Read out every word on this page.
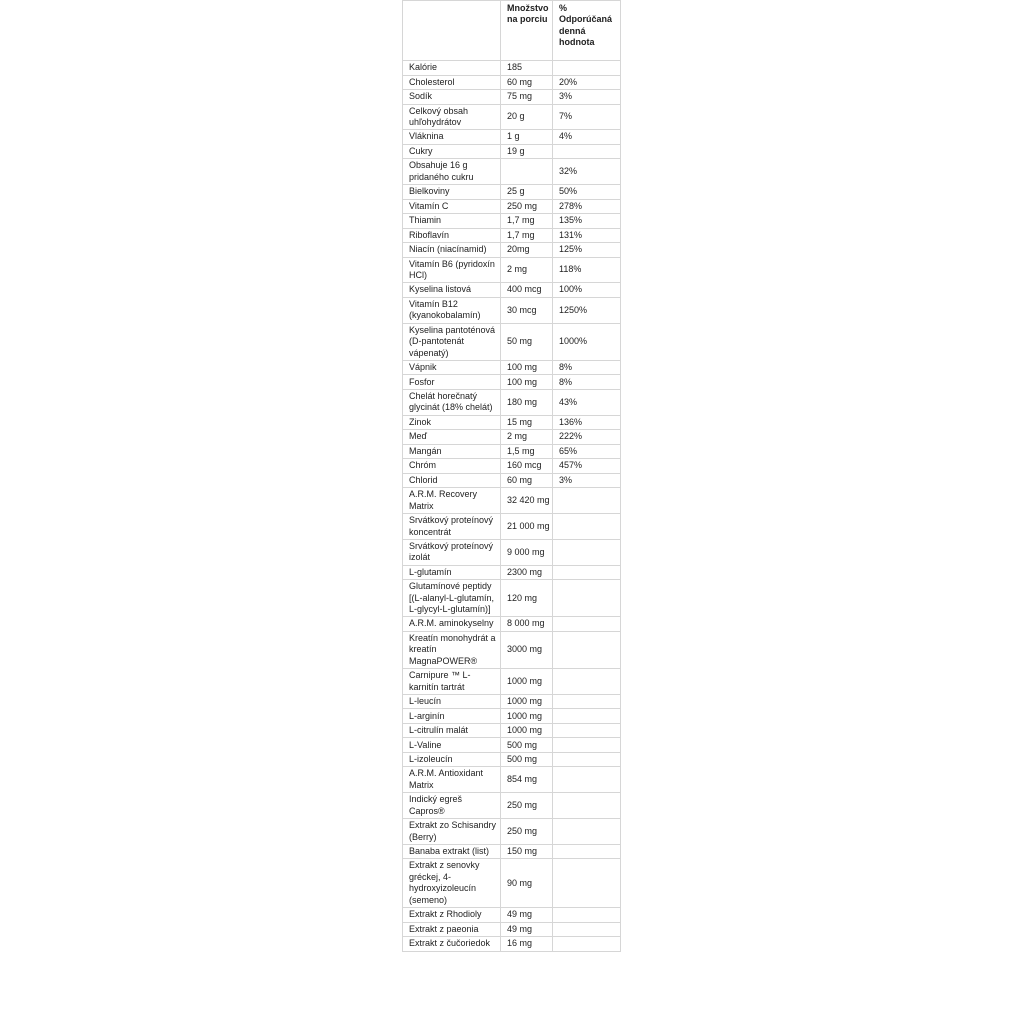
	Množstvo na porciu	% Odporúčaná denná hodnota
Kalórie	185	
Cholesterol	60 mg	20%
Sodík	75 mg	3%
Celkový obsah uhľohydrátov	20 g	7%
Vláknina	1 g	4%
Cukry	19 g	
Obsahuje 16 g pridaného cukru		32%
Bielkoviny	25 g	50%
Vitamín C	250 mg	278%
Thiamin	1,7 mg	135%
Riboflavín	1,7 mg	131%
Niacín (niacínamid)	20mg	125%
Vitamín B6 (pyridoxín HCl)	2 mg	118%
Kyselina listová	400 mcg	100%
Vitamín B12 (kyanokobalamín)	30 mcg	1250%
Kyselina pantoténová (D-pantotenát vápenatý)	50 mg	1000%
Vápnik	100 mg	8%
Fosfor	100 mg	8%
Chelát horečnatý glycinát (18% chelát)	180 mg	43%
Zinok	15 mg	136%
Meď	2 mg	222%
Mangán	1,5 mg	65%
Chróm	160 mcg	457%
Chlorid	60 mg	3%
A.R.M. Recovery Matrix	32 420 mg	
Srvátkový proteínový koncentrát	21 000 mg	
Srvátkový proteínový izolát	9 000 mg	
L-glutamín	2300 mg	
Glutamínové peptidy [(L-alanyl-L-glutamín, L-glycyl-L-glutamín)]	120 mg	
A.R.M. aminokyselny	8 000 mg	
Kreatín monohydrát a kreatín MagnaPOWER®	3000 mg	
Carnipure ™ L-karnitín tartrát	1000 mg	
L-leucín	1000 mg	
L-arginín	1000 mg	
L-citrulín malát	1000 mg	
L-Valine	500 mg	
L-izoleucín	500 mg	
A.R.M. Antioxidant Matrix	854 mg	
Indický egreš Capros®	250 mg	
Extrakt zo Schisandry (Berry)	250 mg	
Banaba extrakt (list)	150 mg	
Extrakt z senovky gréckej, 4-hydroxyizoleucín (semeno)	90 mg	
Extrakt z Rhodioly	49 mg	
Extrakt z paeonia	49 mg	
Extrakt z čučoriedok	16 mg	
